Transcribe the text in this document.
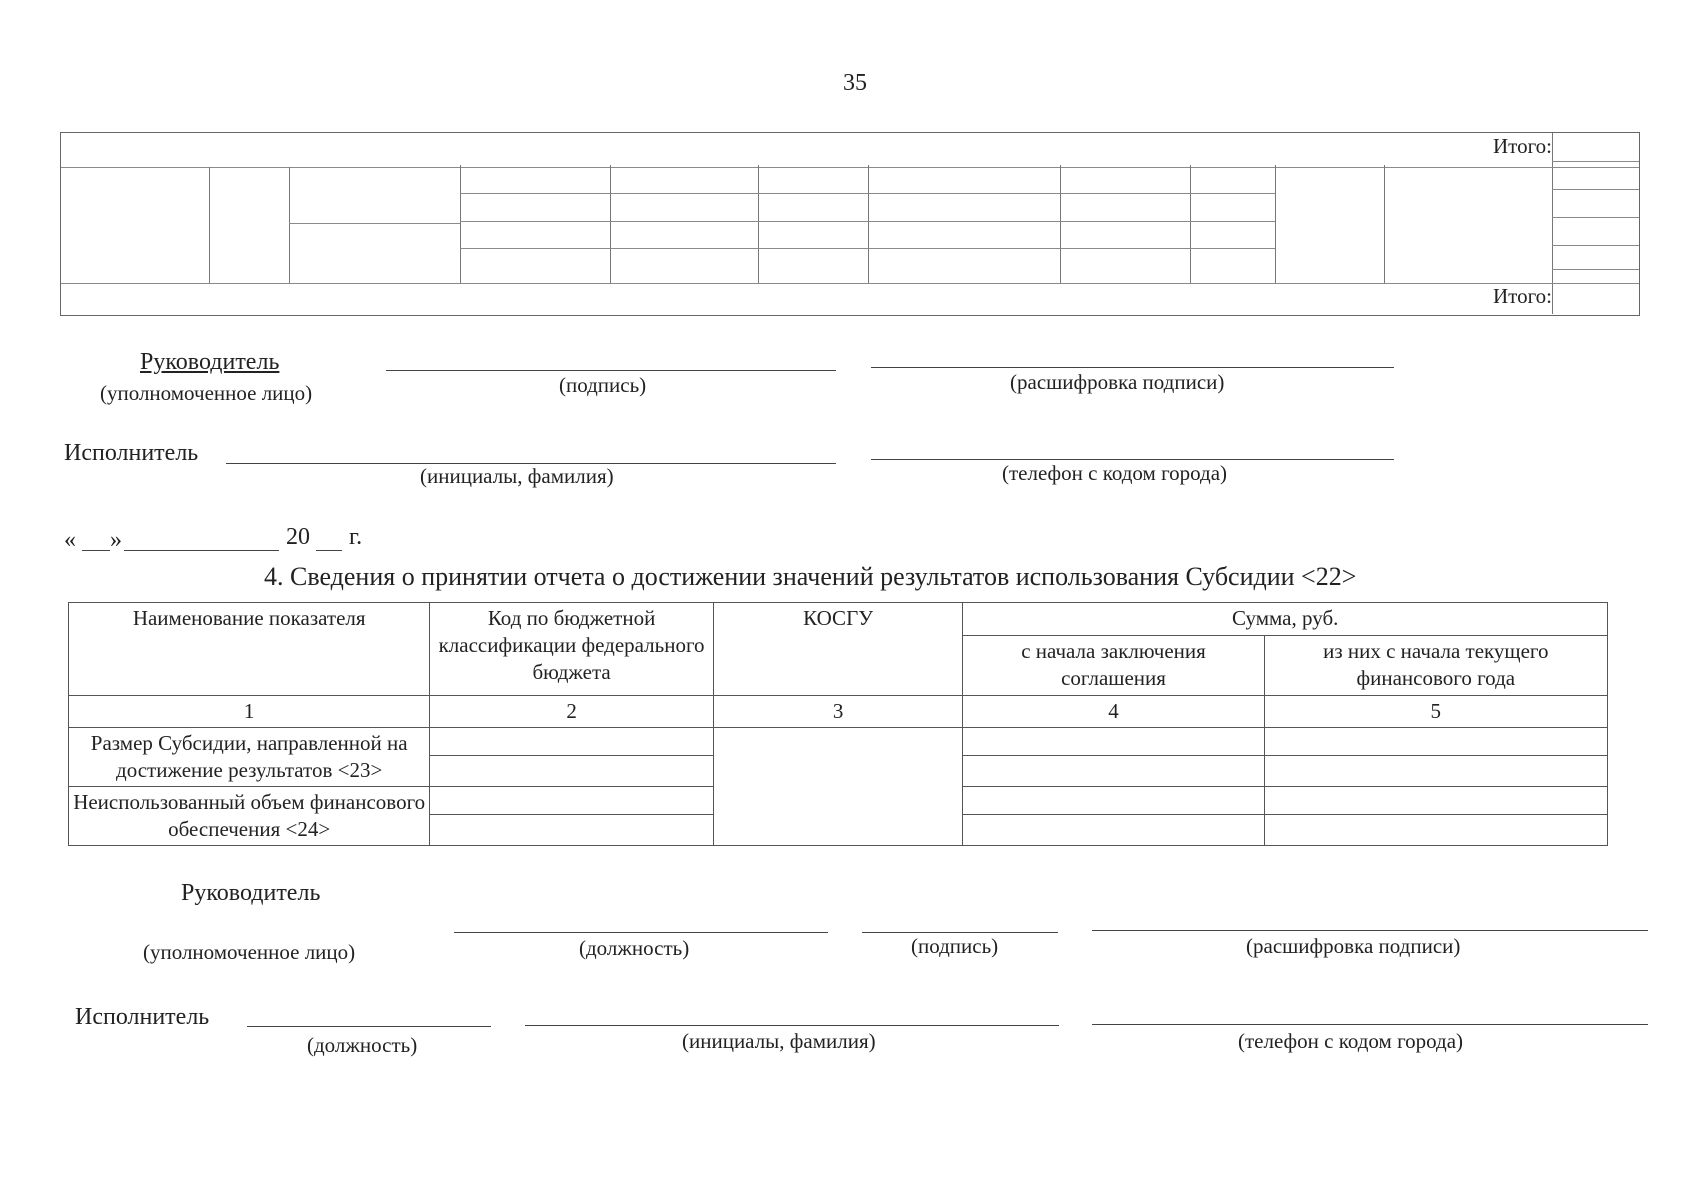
35
Итого:
Итого:
Руководитель
(уполномоченное лицо)	(подпись)	(расшифровка подписи)
Исполнитель
(инициалы, фамилия)	(телефон с кодом города)
« »	20 г.
4. Сведения о принятии отчета о достижении значений результатов использования Субсидии <22>
Наименование показателя	Код по бюджетной классификации федерального бюджета	КОСГУ	Сумма, руб.	
			с начала заключения соглашения	из них с начала текущего финансового года
1	2	3	4	5
Размер Субсидии, направленной на достижение результатов <23>	

Неиспользованный объем финансового обеспечения <24>		

Руководитель
(уполномоченное лицо)	(должность)	(подпись)	(расшифровка подписи)
Исполнитель
(должность)	(инициалы, фамилия)	(телефон с кодом города)
